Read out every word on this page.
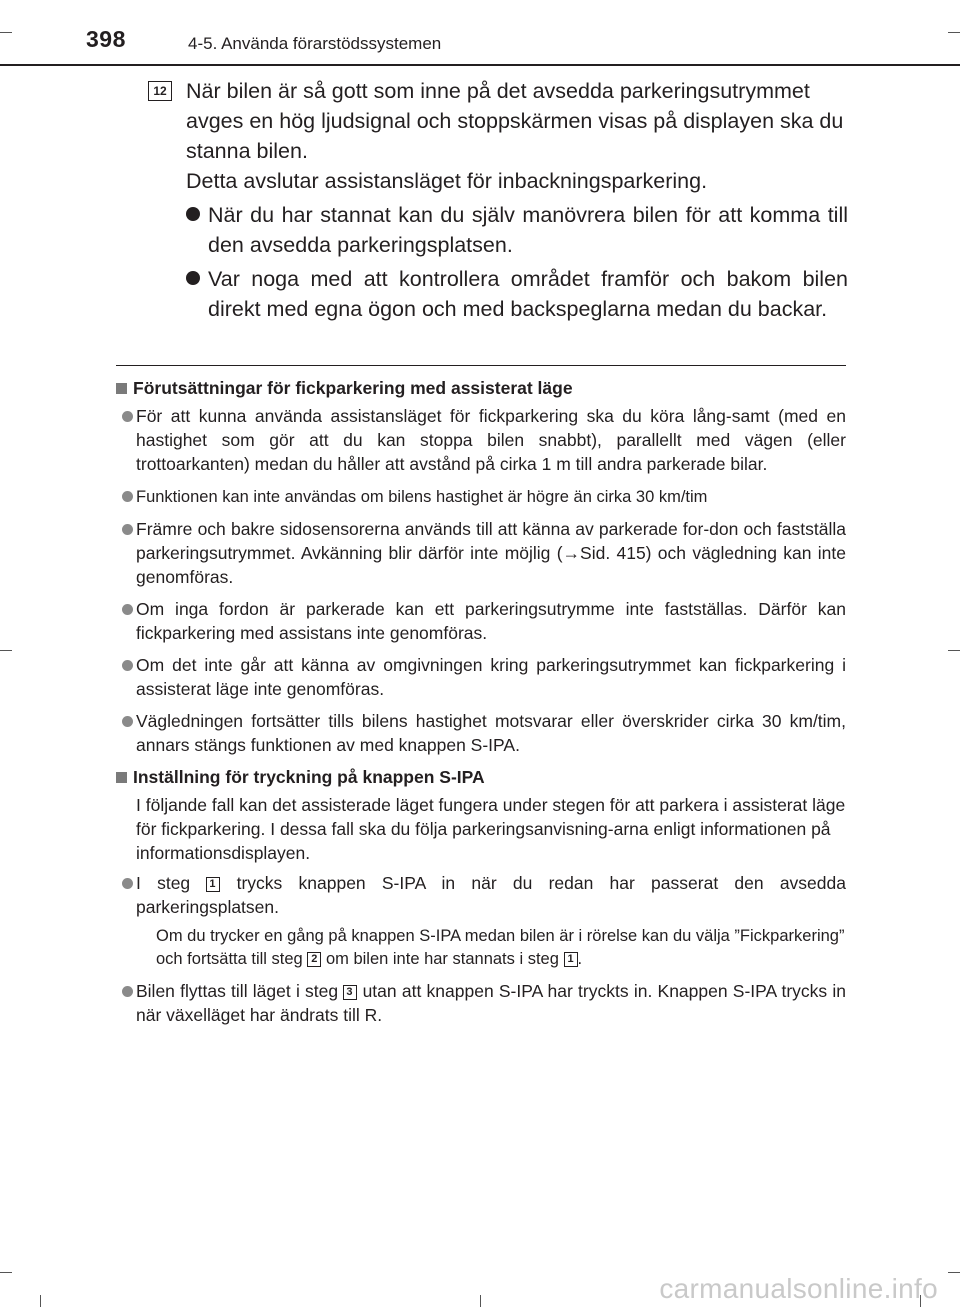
398	4-5. Använda förarstödssystemen
12 När bilen är så gott som inne på det avsedda parkeringsutrymmet avges en hög ljudsignal och stoppskärmen visas på displayen ska du stanna bilen.
Detta avslutar assistansläget för inbackningsparkering.
När du har stannat kan du själv manövrera bilen för att komma till den avsedda parkeringsplatsen.
Var noga med att kontrollera området framför och bakom bilen direkt med egna ögon och med backspeglarna medan du backar.
Förutsättningar för fickparkering med assisterat läge
För att kunna använda assistansläget för fickparkering ska du köra lång-samt (med en hastighet som gör att du kan stoppa bilen snabbt), parallellt med vägen (eller trottoarkanten) medan du håller att avstånd på cirka 1 m till andra parkerade bilar.
Funktionen kan inte användas om bilens hastighet är högre än cirka 30 km/tim
Främre och bakre sidosensorerna används till att känna av parkerade for-don och fastställa parkeringsutrymmet. Avkänning blir därför inte möjlig (→Sid. 415) och vägledning kan inte genomföras.
Om inga fordon är parkerade kan ett parkeringsutrymme inte fastställas. Därför kan fickparkering med assistans inte genomföras.
Om det inte går att känna av omgivningen kring parkeringsutrymmet kan fickparkering i assisterat läge inte genomföras.
Vägledningen fortsätter tills bilens hastighet motsvarar eller överskrider cirka 30 km/tim, annars stängs funktionen av med knappen S-IPA.
Inställning för tryckning på knappen S-IPA
I följande fall kan det assisterade läget fungera under stegen för att parkera i assisterat läge för fickparkering. I dessa fall ska du följa parkeringsanvisning-arna enligt informationen på informationsdisplayen.
I steg 1 trycks knappen S-IPA in när du redan har passerat den avsedda parkeringsplatsen.
Om du trycker en gång på knappen S-IPA medan bilen är i rörelse kan du välja ”Fickparkering” och fortsätta till steg 2 om bilen inte har stannats i steg 1 .
Bilen flyttas till läget i steg 3 utan att knappen S-IPA har tryckts in. Knappen S-IPA trycks in när växelläget har ändrats till R.
carmanualsonline.info
